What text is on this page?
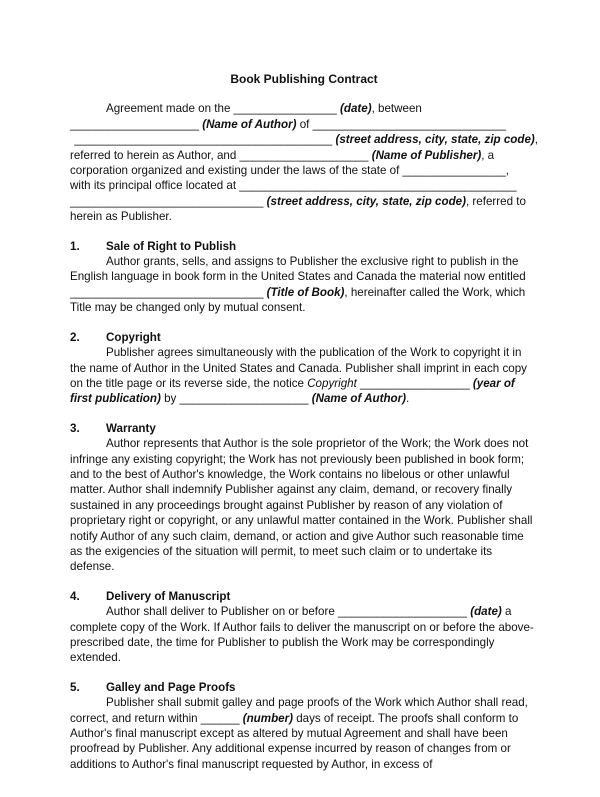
Book Publishing Contract

Agreement made on the ________________ (date), between

____________________ (Name of Author) of ______________________________

________________________________________ (street address, city, state, zip code),

referred to herein as Author, and ____________________ (Name of Publisher), a

corporation organized and existing under the laws of the state of ________________,

with its principal office located at ___________________________________________

______________________________ (street address, city, state, zip code), referred to

herein as Publisher.

1. Sale of Right to Publish

Author grants, sells, and assigns to Publisher the exclusive right to publish in the English language in book form in the United States and Canada the material now entitled ______________________________ (Title of Book), hereinafter called the Work, which Title may be changed only by mutual consent.

2. Copyright

Publisher agrees simultaneously with the publication of the Work to copyright it in the name of Author in the United States and Canada. Publisher shall imprint in each copy on the title page or its reverse side, the notice Copyright _________________ (year of first publication) by ____________________ (Name of Author).

3. Warranty

Author represents that Author is the sole proprietor of the Work; the Work does not infringe any existing copyright; the Work has not previously been published in book form; and to the best of Author's knowledge, the Work contains no libelous or other unlawful matter. Author shall indemnify Publisher against any claim, demand, or recovery finally sustained in any proceedings brought against Publisher by reason of any violation of proprietary right or copyright, or any unlawful matter contained in the Work. Publisher shall notify Author of any such claim, demand, or action and give Author such reasonable time as the exigencies of the situation will permit, to meet such claim or to undertake its defense.

4. Delivery of Manuscript

Author shall deliver to Publisher on or before ____________________ (date) a complete copy of the Work. If Author fails to deliver the manuscript on or before the above-prescribed date, the time for Publisher to publish the Work may be correspondingly extended.

5. Galley and Page Proofs

Publisher shall submit galley and page proofs of the Work which Author shall read, correct, and return within ______ (number) days of receipt. The proofs shall conform to Author's final manuscript except as altered by mutual Agreement and shall have been proofread by Publisher. Any additional expense incurred by reason of changes from or additions to Author's final manuscript requested by Author, in excess of
